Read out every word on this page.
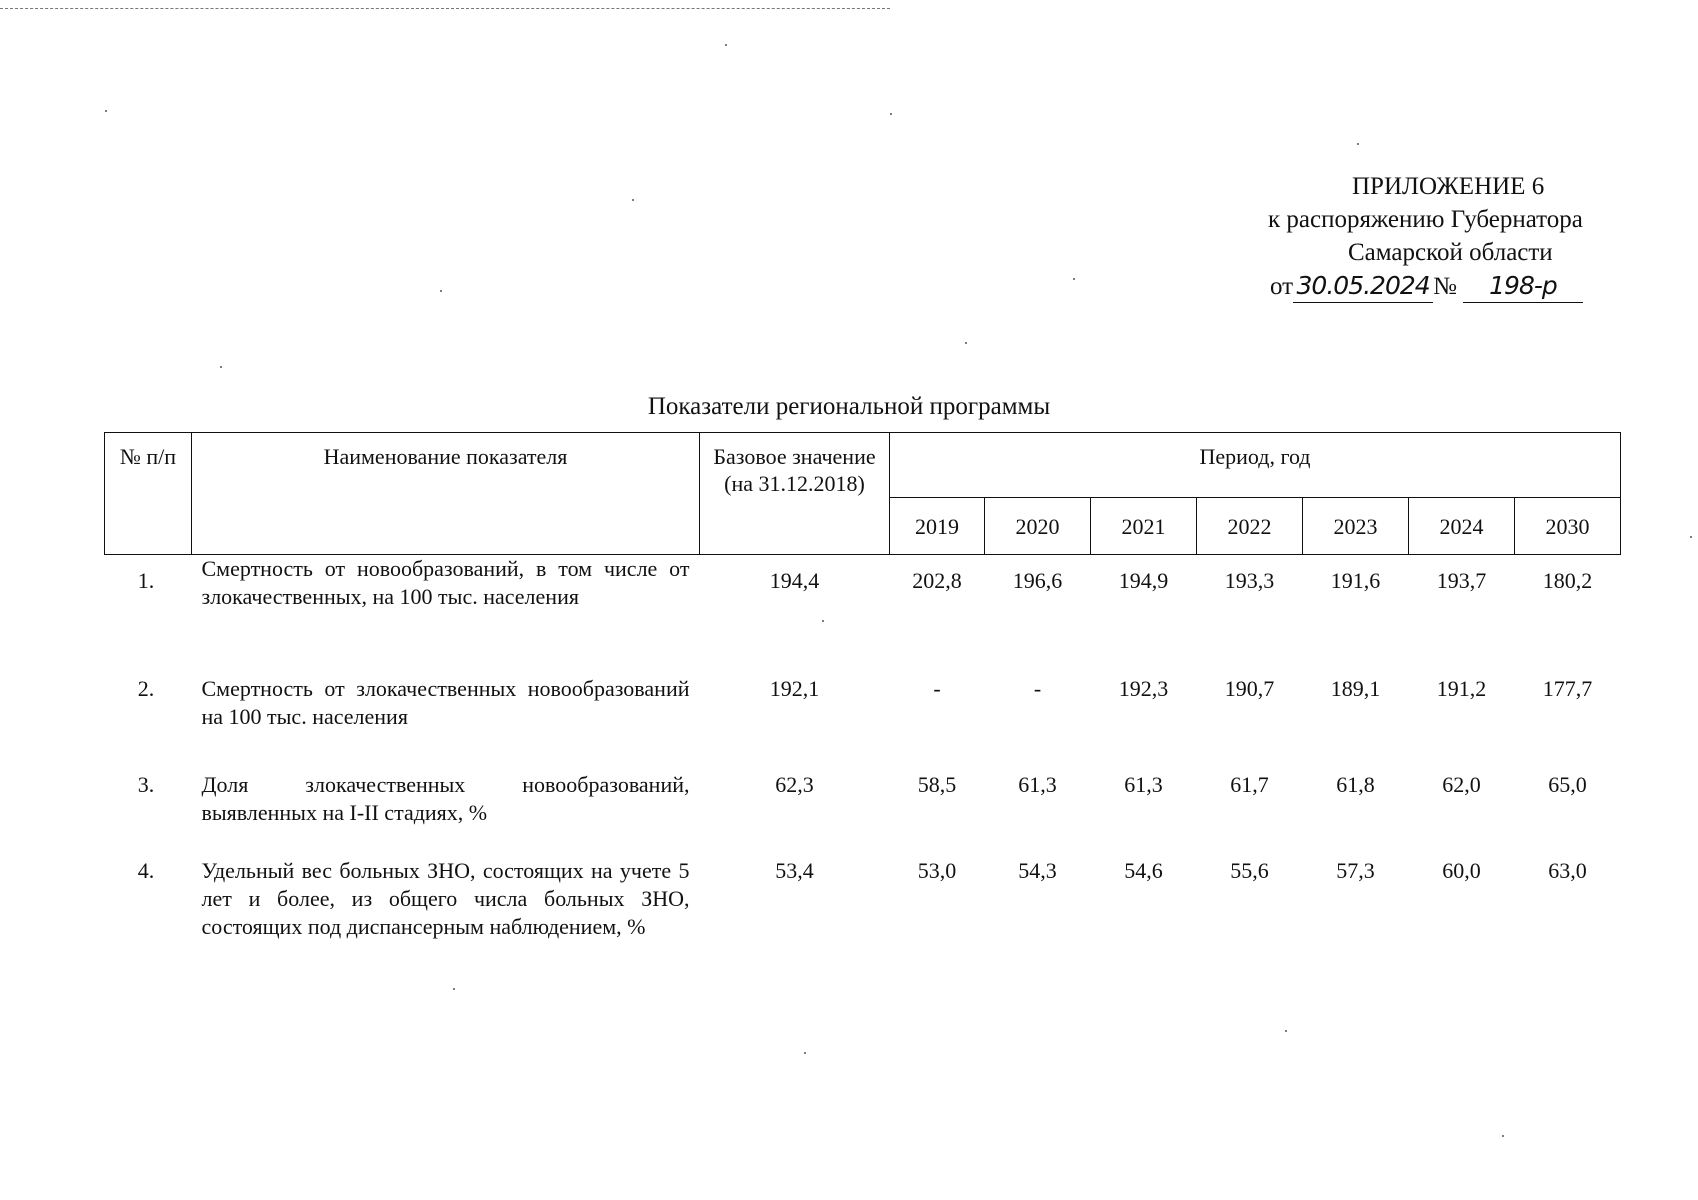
ПРИЛОЖЕНИЕ 6
к распоряжению Губернатора
Самарской области
от 30.05.2024 № 198-р
Показатели региональной программы
№ п/п	Наименование показателя	Базовое значение (на 31.12.2018)	Период, год						
			2019	2020	2021	2022	2023	2024	2030
1.	Смертность от новообразований, в том числе от злокачественных, на 100 тыс. населения	194,4	202,8	196,6	194,9	193,3	191,6	193,7	180,2
2.	Смертность от злокачественных новообразований на 100 тыс. населения	192,1	-	-	192,3	190,7	189,1	191,2	177,7
3.	Доля злокачественных новообразований, выявленных на I-II стадиях, %	62,3	58,5	61,3	61,3	61,7	61,8	62,0	65,0
4.	Удельный вес больных ЗНО, состоящих на учете 5 лет и более, из общего числа больных ЗНО, состоящих под диспансерным наблюдением, %	53,4	53,0	54,3	54,6	55,6	57,3	60,0	63,0
